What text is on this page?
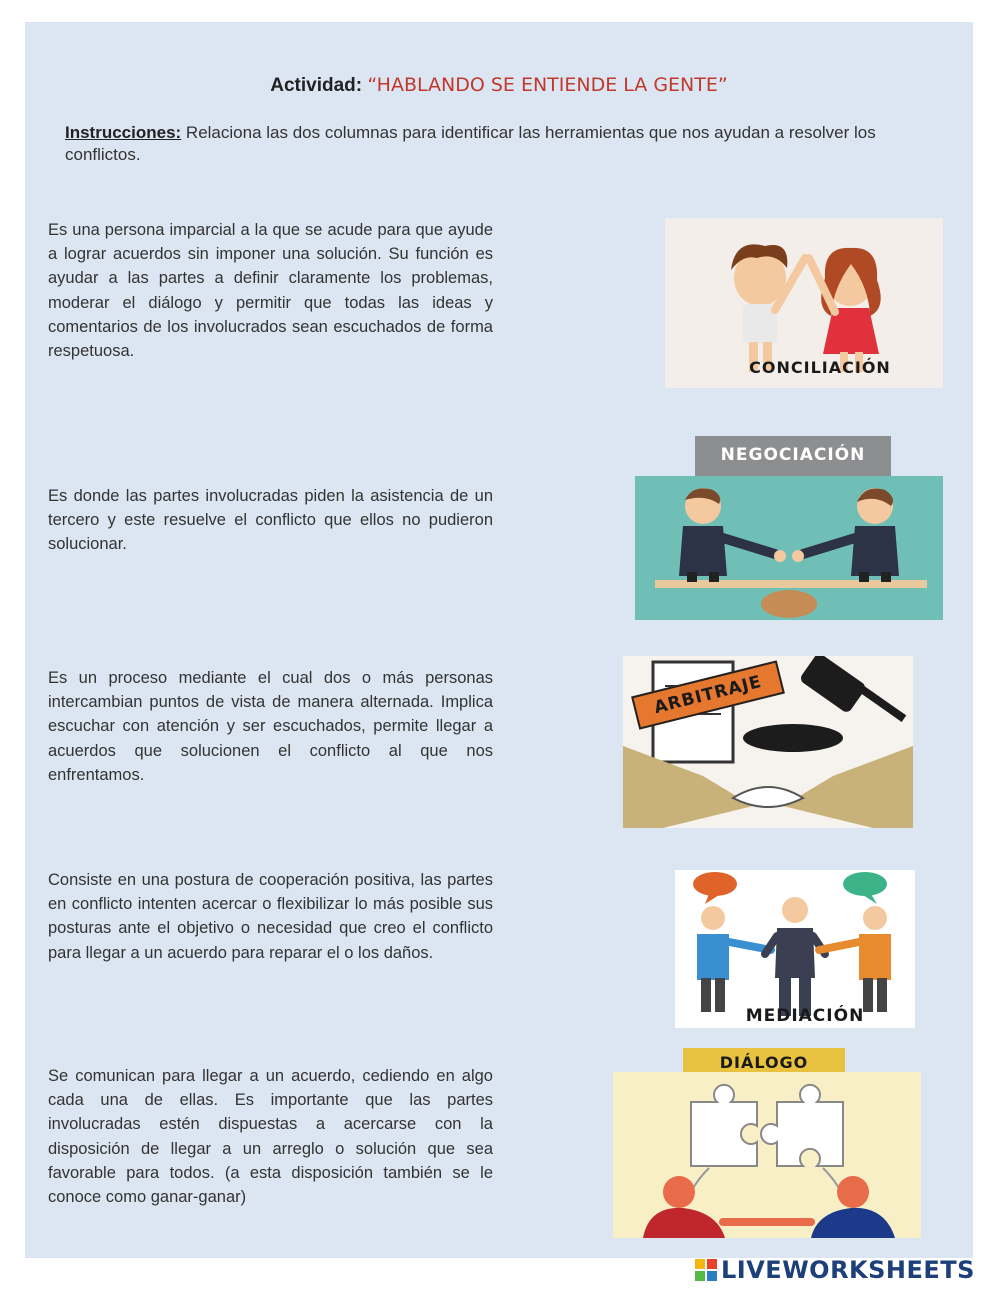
Actividad: “HABLANDO SE ENTIENDE LA GENTE”
Instrucciones: Relaciona las dos columnas para identificar las herramientas que nos ayudan a resolver los conflictos.
Es una persona imparcial a la que se acude para que ayude a lograr acuerdos sin imponer una solución. Su función es ayudar a las partes a definir claramente los problemas, moderar el diálogo y permitir que todas las ideas y comentarios de los involucrados sean escuchados de forma respetuosa.
Es donde las partes involucradas piden la asistencia de un tercero y este resuelve el conflicto que ellos no pudieron solucionar.
Es un proceso mediante el cual dos o más personas intercambian puntos de vista de manera alternada. Implica escuchar con atención y ser escuchados, permite llegar a acuerdos que solucionen el conflicto al que nos enfrentamos.
Consiste en una postura de cooperación positiva, las partes en conflicto intenten acercar o flexibilizar lo más posible sus posturas ante el objetivo o necesidad que creo el conflicto para llegar a un acuerdo para reparar el o los daños.
Se comunican para llegar a un acuerdo, cediendo en algo cada una de ellas. Es importante que las partes involucradas estén dispuestas a acercarse con la disposición de llegar a un arreglo o solución que sea favorable para todos. (a esta disposición también se le conoce como ganar-ganar)
CONCILIACIÓN
NEGOCIACIÓN
ARBITRAJE
MEDIACIÓN
DIÁLOGO
LIVEWORKSHEETS
